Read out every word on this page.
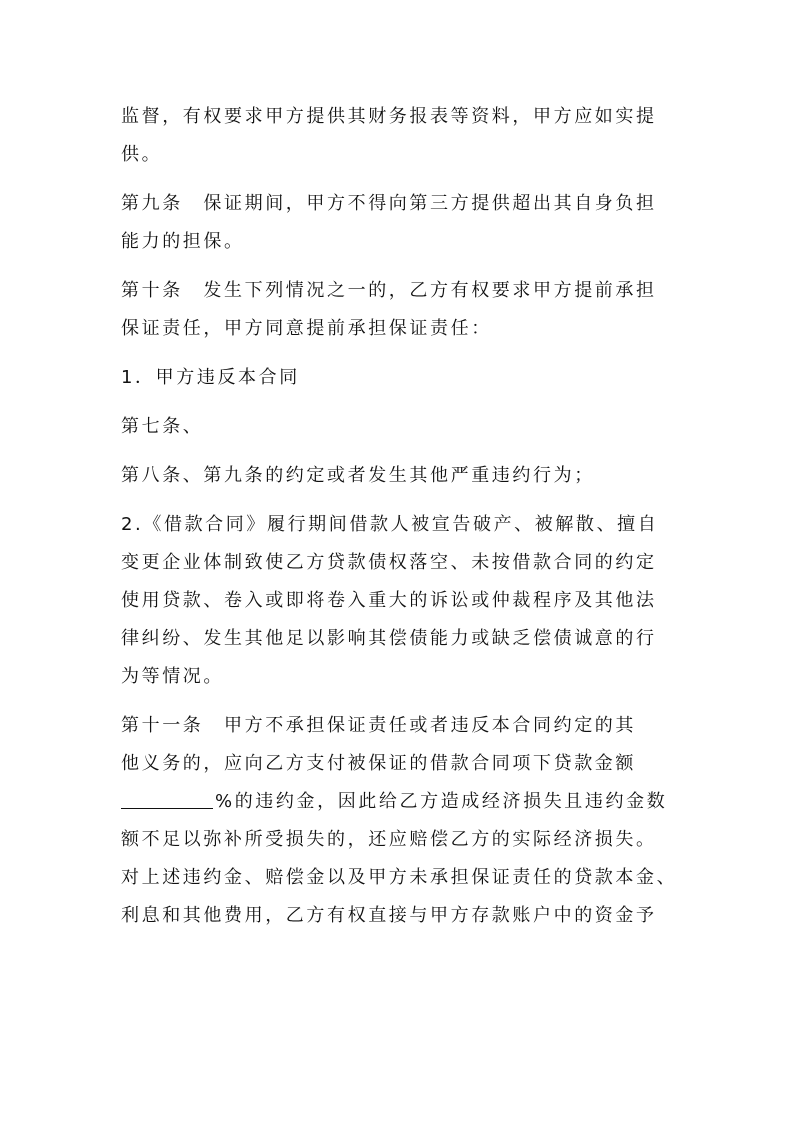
监督，有权要求甲方提供其财务报表等资料，甲方应如实提
供。

第九条　保证期间，甲方不得向第三方提供超出其自身负担
能力的担保。

第十条　发生下列情况之一的，乙方有权要求甲方提前承担
保证责任，甲方同意提前承担保证责任：

1．甲方违反本合同

第七条、

第八条、第九条的约定或者发生其他严重违约行为；

2.《借款合同》履行期间借款人被宣告破产、被解散、擅自
变更企业体制致使乙方贷款债权落空、未按借款合同的约定
使用贷款、卷入或即将卷入重大的诉讼或仲裁程序及其他法
律纠纷、发生其他足以影响其偿债能力或缺乏偿债诚意的行
为等情况。

第十一条　甲方不承担保证责任或者违反本合同约定的其
他义务的，应向乙方支付被保证的借款合同项下贷款金额
%的违约金，因此给乙方造成经济损失且违约金数
额不足以弥补所受损失的，还应赔偿乙方的实际经济损失。
对上述违约金、赔偿金以及甲方未承担保证责任的贷款本金、
利息和其他费用，乙方有权直接与甲方存款账户中的资金予
